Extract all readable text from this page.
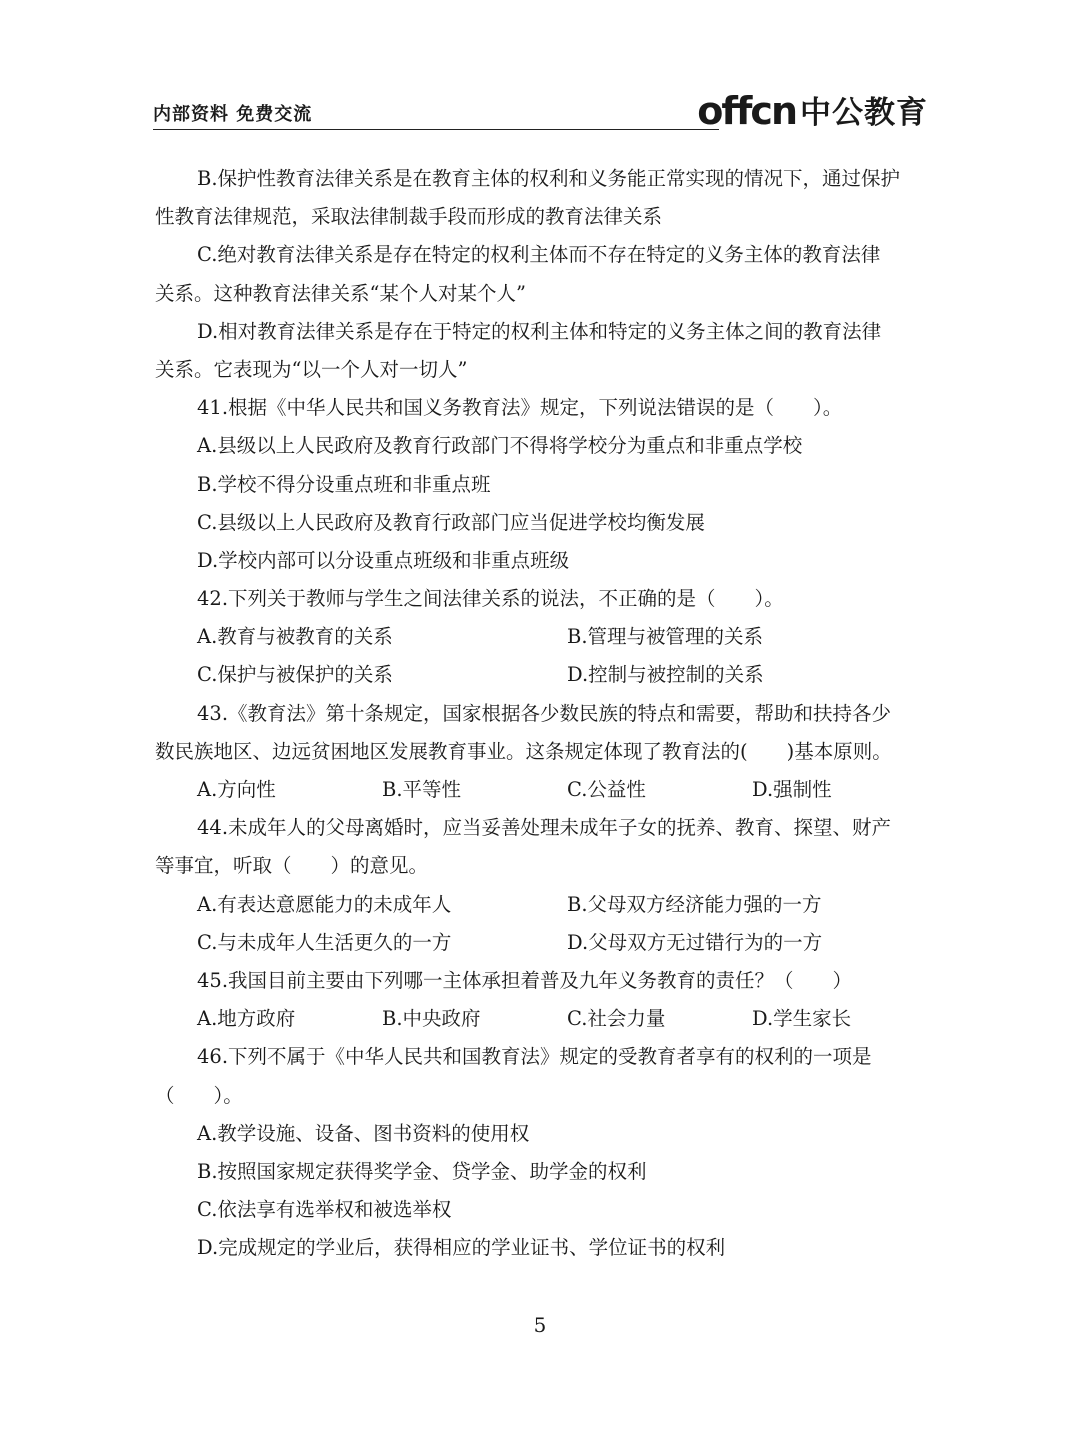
内部资料 免费交流	offcn 中公教育
B.保护性教育法律关系是在教育主体的权利和义务能正常实现的情况下，通过保护
性教育法律规范，采取法律制裁手段而形成的教育法律关系
C.绝对教育法律关系是存在特定的权利主体而不存在特定的义务主体的教育法律
关系。这种教育法律关系“某个人对某个人”
D.相对教育法律关系是存在于特定的权利主体和特定的义务主体之间的教育法律
关系。它表现为“以一个人对一切人”
41.根据《中华人民共和国义务教育法》规定，下列说法错误的是（　　）。
A.县级以上人民政府及教育行政部门不得将学校分为重点和非重点学校
B.学校不得分设重点班和非重点班
C.县级以上人民政府及教育行政部门应当促进学校均衡发展
D.学校内部可以分设重点班级和非重点班级
42.下列关于教师与学生之间法律关系的说法，不正确的是（　　）。
A.教育与被教育的关系	B.管理与被管理的关系
C.保护与被保护的关系	D.控制与被控制的关系
43.《教育法》第十条规定，国家根据各少数民族的特点和需要，帮助和扶持各少
数民族地区、边远贫困地区发展教育事业。这条规定体现了教育法的(　　)基本原则。
A.方向性	B.平等性	C.公益性	D.强制性
44.未成年人的父母离婚时，应当妥善处理未成年子女的抚养、教育、探望、财产
等事宜，听取（　　）的意见。
A.有表达意愿能力的未成年人	B.父母双方经济能力强的一方
C.与未成年人生活更久的一方	D.父母双方无过错行为的一方
45.我国目前主要由下列哪一主体承担着普及九年义务教育的责任？（　　）
A.地方政府	B.中央政府	C.社会力量	D.学生家长
46.下列不属于《中华人民共和国教育法》规定的受教育者享有的权利的一项是
（　　）。
A.教学设施、设备、图书资料的使用权
B.按照国家规定获得奖学金、贷学金、助学金的权利
C.依法享有选举权和被选举权
D.完成规定的学业后，获得相应的学业证书、学位证书的权利
5
